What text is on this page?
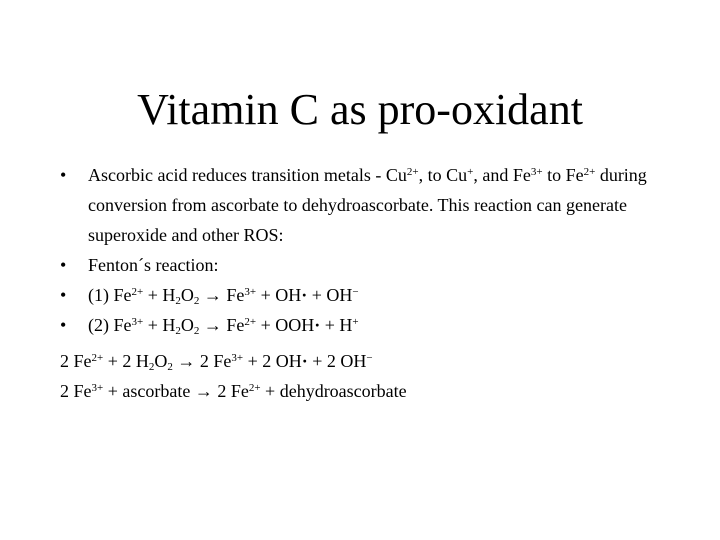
Vitamin C as pro-oxidant
•	Ascorbic acid reduces transition metals - $Cu^{2+}$, to Cu+, and $Fe^{3+}$ to $Fe^{2+}$ during conversion from ascorbate to dehydroascorbate. This reaction can generate superoxide and other ROS:
•	Fenton´s reaction:
•	(1) $Fe^{2+} + H_2O_2 \to Fe^{3+} + OH\cdot + OH^-$
•	(2) $Fe^{3+} + H_2O_2 \to Fe^{2+} + OOH\cdot + H^+$
2 $Fe^{2+} + 2$ $H_2O_2 \to 2$ $Fe^{3+} + 2$ OH· + 2 OH−
2 $Fe^{3+}$ + ascorbate → 2 $Fe^{2+}$ + dehydroascorbate
